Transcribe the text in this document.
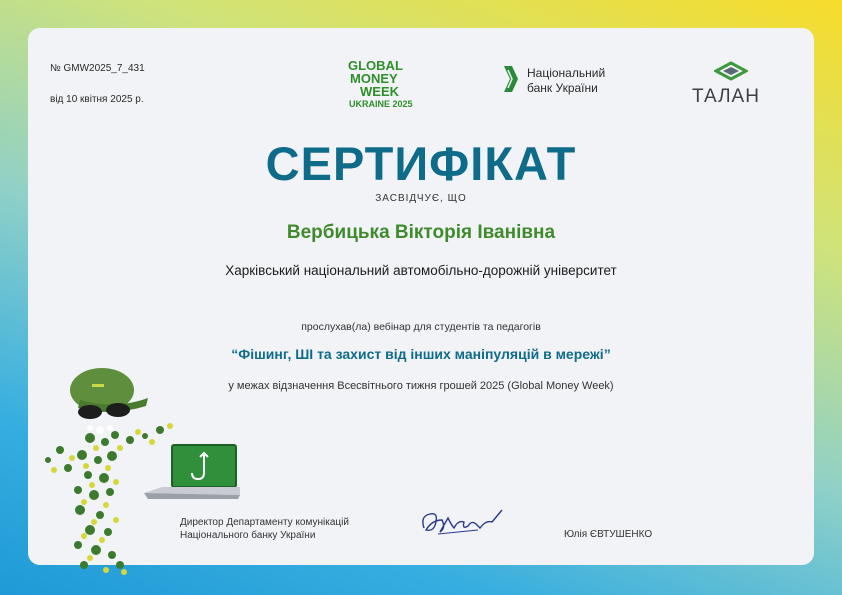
№ GMW2025_7_431
від 10 квітня 2025 р.
GLOBAL
MONEY
WEEK
UKRAINE 2025
Національний
банк України	ТАЛАН
СЕРТИФІКАТ
ЗАСВІДЧУЄ, ЩО
Вербицька Вікторія Іванівна
Харківський національний автомобільно-дорожній університет
прослухав(ла) вебінар для студентів та педагогів
“Фішинг, ШІ та захист від інших маніпуляцій в мережі”
у межах відзначення Всесвітнього тижня грошей 2025 (Global Money Week)
Директор Департаменту комунікацій
Національного банку України	Юлія ЄВТУШЕНКО
